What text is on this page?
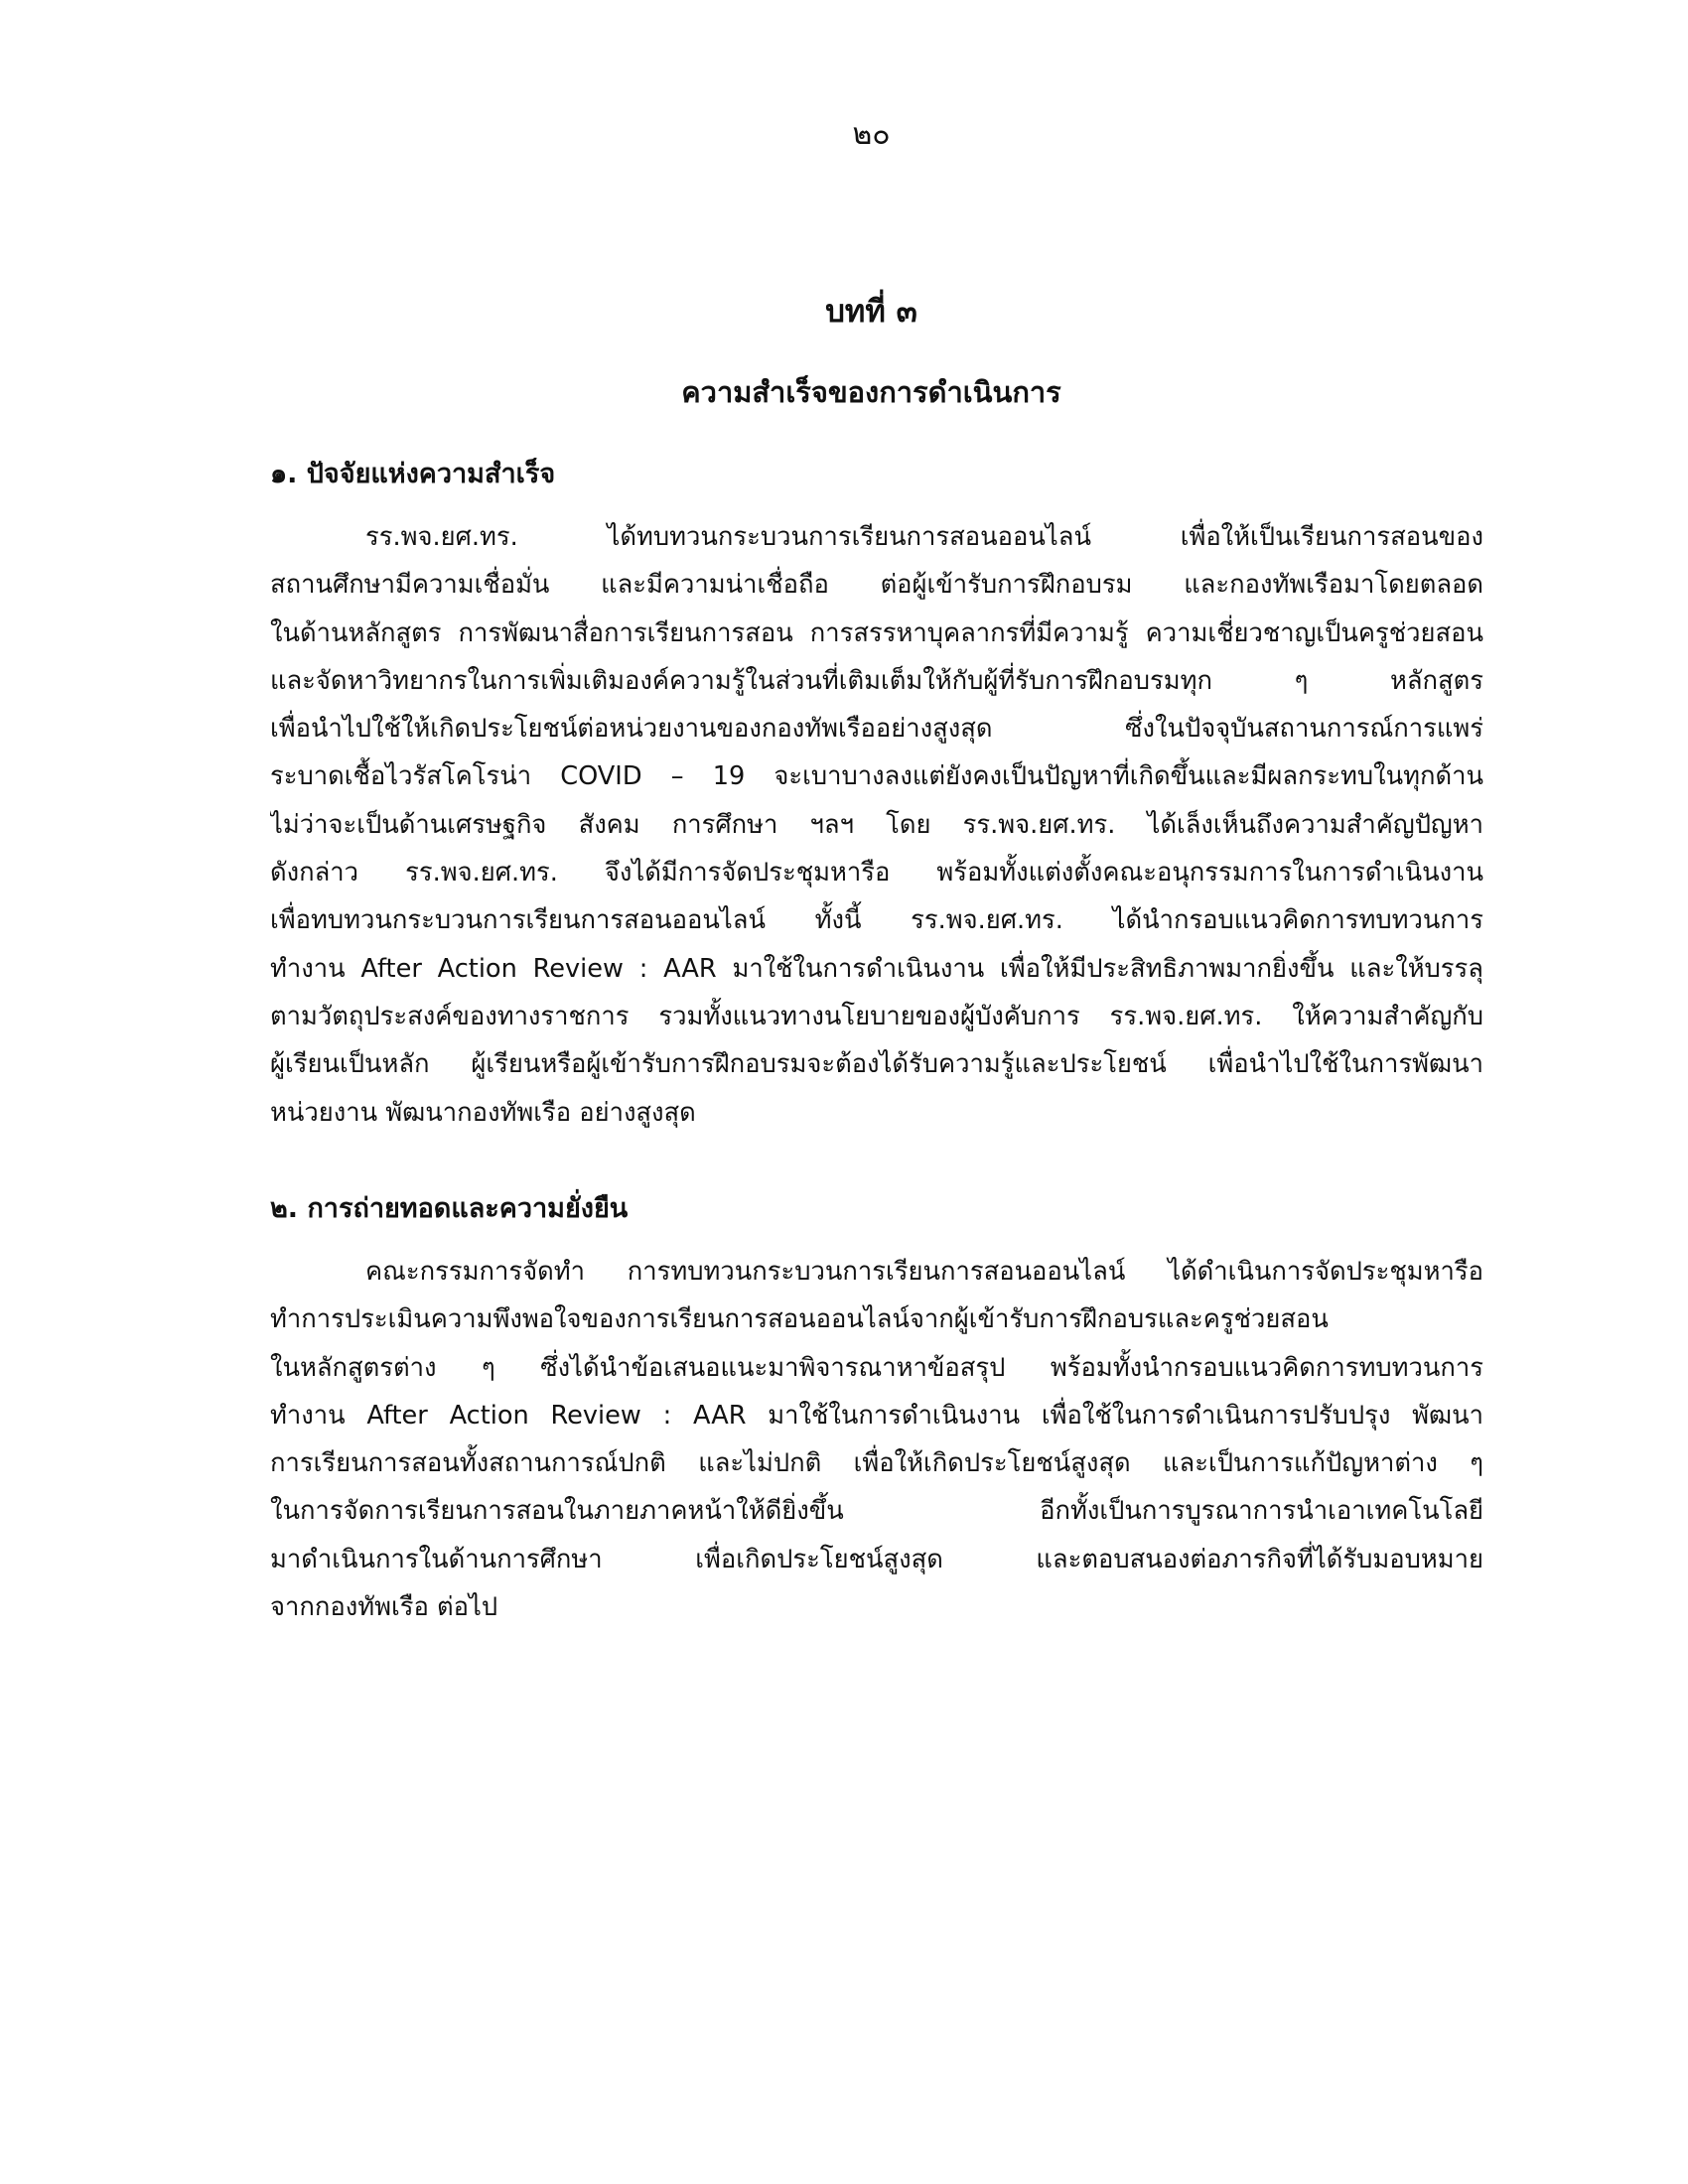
๒๐
บทที่ ๓
ความสำเร็จของการดำเนินการ
๑. ปัจจัยแห่งความสำเร็จ
รร.พจ.ยศ.ทร. ได้ทบทวนกระบวนการเรียนการสอนออนไลน์ เพื่อให้เป็นเรียนการสอนของ
สถานศึกษามีความเชื่อมั่น และมีความน่าเชื่อถือ ต่อผู้เข้ารับการฝึกอบรม และกองทัพเรือมาโดยตลอด
ในด้านหลักสูตร การพัฒนาสื่อการเรียนการสอน การสรรหาบุคลากรที่มีความรู้ ความเชี่ยวชาญเป็นครูช่วยสอน
และจัดหาวิทยากรในการเพิ่มเติมองค์ความรู้ในส่วนที่เติมเต็มให้กับผู้ที่รับการฝึกอบรมทุก ๆ หลักสูตร
เพื่อนำไปใช้ให้เกิดประโยชน์ต่อหน่วยงานของกองทัพเรืออย่างสูงสุด ซึ่งในปัจจุบันสถานการณ์การแพร่
ระบาดเชื้อไวรัสโคโรน่า COVID – 19 จะเบาบางลงแต่ยังคงเป็นปัญหาที่เกิดขึ้นและมีผลกระทบในทุกด้าน
ไม่ว่าจะเป็นด้านเศรษฐกิจ สังคม การศึกษา ฯลฯ โดย รร.พจ.ยศ.ทร. ได้เล็งเห็นถึงความสำคัญปัญหา
ดังกล่าว รร.พจ.ยศ.ทร. จึงได้มีการจัดประชุมหารือ พร้อมทั้งแต่งตั้งคณะอนุกรรมการในการดำเนินงาน
เพื่อทบทวนกระบวนการเรียนการสอนออนไลน์ ทั้งนี้ รร.พจ.ยศ.ทร. ได้นำกรอบแนวคิดการทบทวนการ
ทำงาน After Action Review : AAR มาใช้ในการดำเนินงาน เพื่อให้มีประสิทธิภาพมากยิ่งขึ้น และให้บรรลุ
ตามวัตถุประสงค์ของทางราชการ รวมทั้งแนวทางนโยบายของผู้บังคับการ รร.พจ.ยศ.ทร. ให้ความสำคัญกับ
ผู้เรียนเป็นหลัก ผู้เรียนหรือผู้เข้ารับการฝึกอบรมจะต้องได้รับความรู้และประโยชน์ เพื่อนำไปใช้ในการพัฒนา
หน่วยงาน พัฒนากองทัพเรือ อย่างสูงสุด
๒. การถ่ายทอดและความยั่งยืน
คณะกรรมการจัดทำ การทบทวนกระบวนการเรียนการสอนออนไลน์ ได้ดำเนินการจัดประชุมหารือ
ทำการประเมินความพึงพอใจของการเรียนการสอนออนไลน์จากผู้เข้ารับการฝึกอบรและครูช่วยสอน
ในหลักสูตรต่าง ๆ ซึ่งได้นำข้อเสนอแนะมาพิจารณาหาข้อสรุป พร้อมทั้งนำกรอบแนวคิดการทบทวนการ
ทำงาน After Action Review : AAR มาใช้ในการดำเนินงาน เพื่อใช้ในการดำเนินการปรับปรุง พัฒนา
การเรียนการสอนทั้งสถานการณ์ปกติ และไม่ปกติ เพื่อให้เกิดประโยชน์สูงสุด และเป็นการแก้ปัญหาต่าง ๆ
ในการจัดการเรียนการสอนในภายภาคหน้าให้ดียิ่งขึ้น อีกทั้งเป็นการบูรณาการนำเอาเทคโนโลยี
มาดำเนินการในด้านการศึกษา เพื่อเกิดประโยชน์สูงสุด และตอบสนองต่อภารกิจที่ได้รับมอบหมาย
จากกองทัพเรือ ต่อไป
